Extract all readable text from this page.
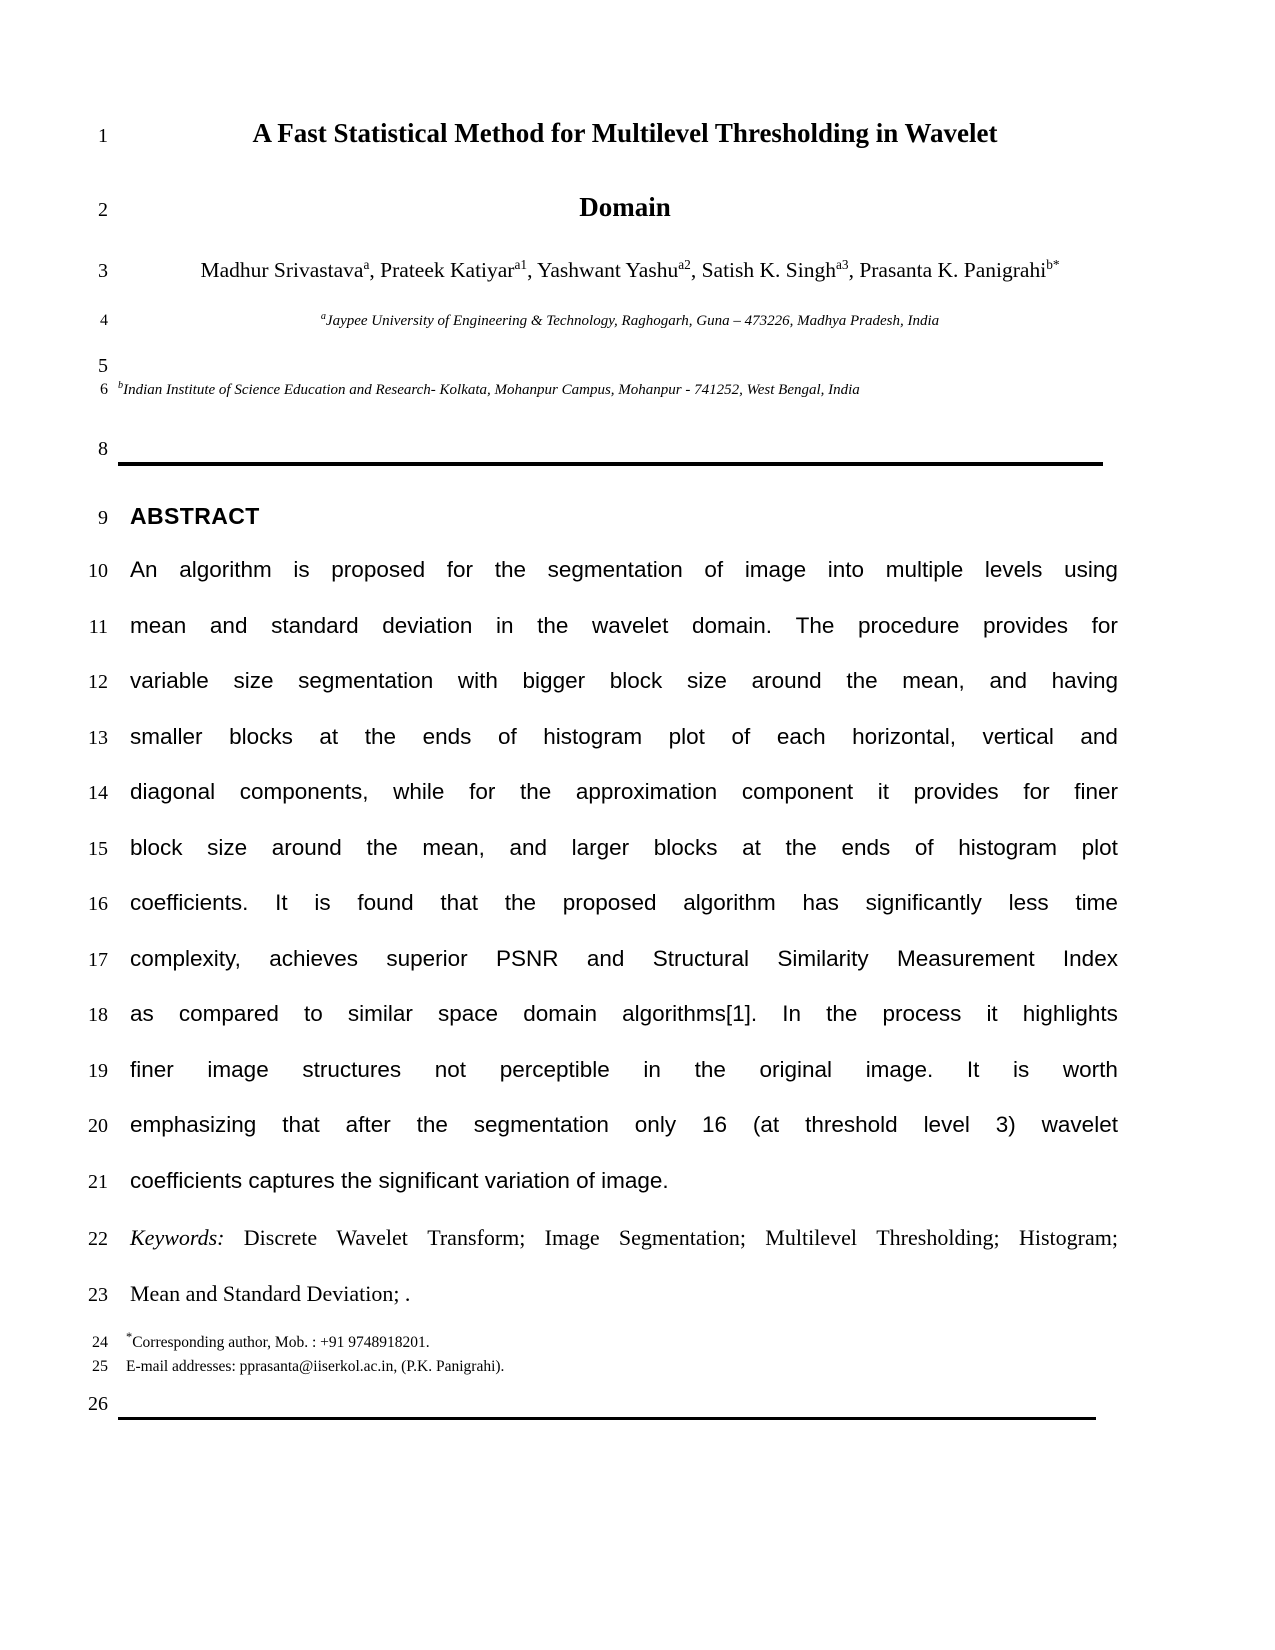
1	A Fast Statistical Method for Multilevel Thresholding in Wavelet
2	Domain
3	Madhur Srivastava$^a$, Prateek Katiyar$^{a1}$, Yashwant Yashu$^{a2}$, Satish K. Singh$^{a3}$, Prasanta K. Panigrahi$^{b*}$
4	$^a$Jaypee University of Engineering & Technology, Raghogarh, Guna – 473226, Madhya Pradesh, India
5
6 $^b$Indian Institute of Science Education and Research- Kolkata, Mohanpur Campus, Mohanpur - 741252, West Bengal, India
8
9 ABSTRACT
10 An algorithm is proposed for the segmentation of image into multiple levels using
11 mean and standard deviation in the wavelet domain. The procedure provides for
12 variable size segmentation with bigger block size around the mean, and having
13 smaller blocks at the ends of histogram plot of each horizontal, vertical and
14 diagonal components, while for the approximation component it provides for finer
15 block size around the mean, and larger blocks at the ends of histogram plot
16 coefficients. It is found that the proposed algorithm has significantly less time
17 complexity, achieves superior PSNR and Structural Similarity Measurement Index
18 as compared to similar space domain algorithms[1]. In the process it highlights
19 finer image structures not perceptible in the original image. It is worth
20 emphasizing that after the segmentation only 16 (at threshold level 3) wavelet
21 coefficients captures the significant variation of image.
22 Keywords: Discrete Wavelet Transform; Image Segmentation; Multilevel Thresholding; Histogram;
23 Mean and Standard Deviation; .
24 *Corresponding author, Mob. : +91 9748918201.
25 E-mail addresses: pprasanta@iiserkol.ac.in, (P.K. Panigrahi).
26
